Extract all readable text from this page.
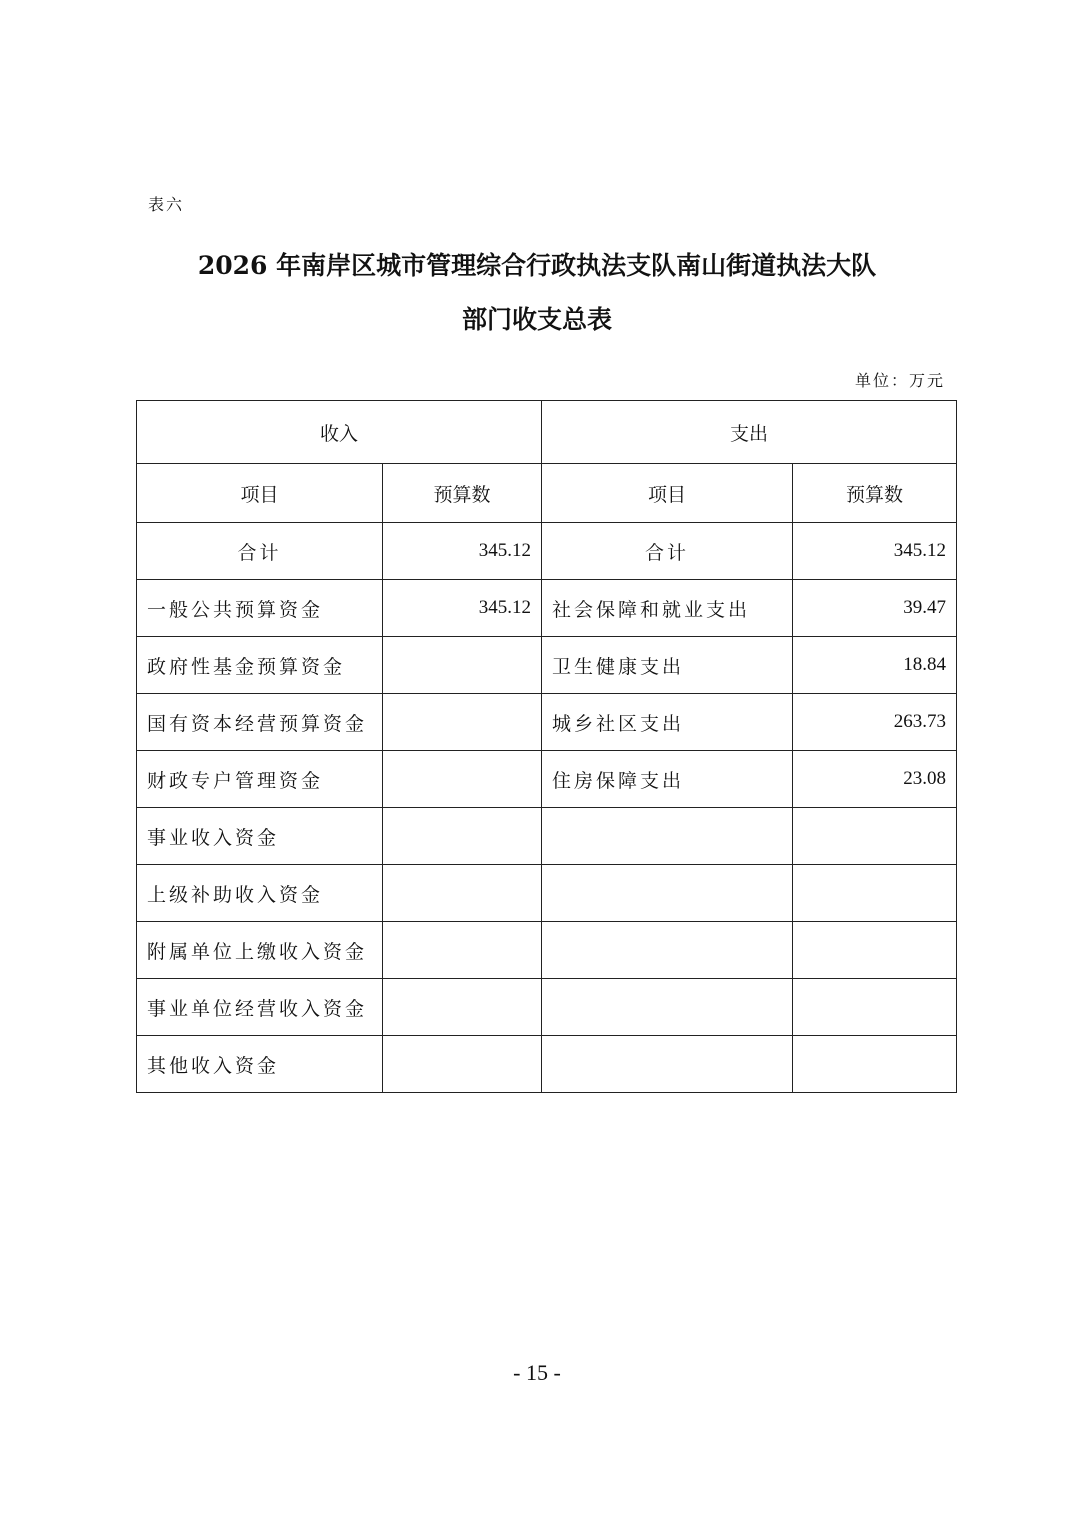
表六
2026 年南岸区城市管理综合行政执法支队南山街道执法大队
部门收支总表
单位：万元
收入		支出	
项目	预算数	项目	预算数
合计	345.12	合计	345.12
一般公共预算资金	345.12	社会保障和就业支出	39.47
政府性基金预算资金		卫生健康支出	18.84
国有资本经营预算资金		城乡社区支出	263.73
财政专户管理资金		住房保障支出	23.08
事业收入资金			
上级补助收入资金			
附属单位上缴收入资金			
事业单位经营收入资金			
其他收入资金			
- 15 -
